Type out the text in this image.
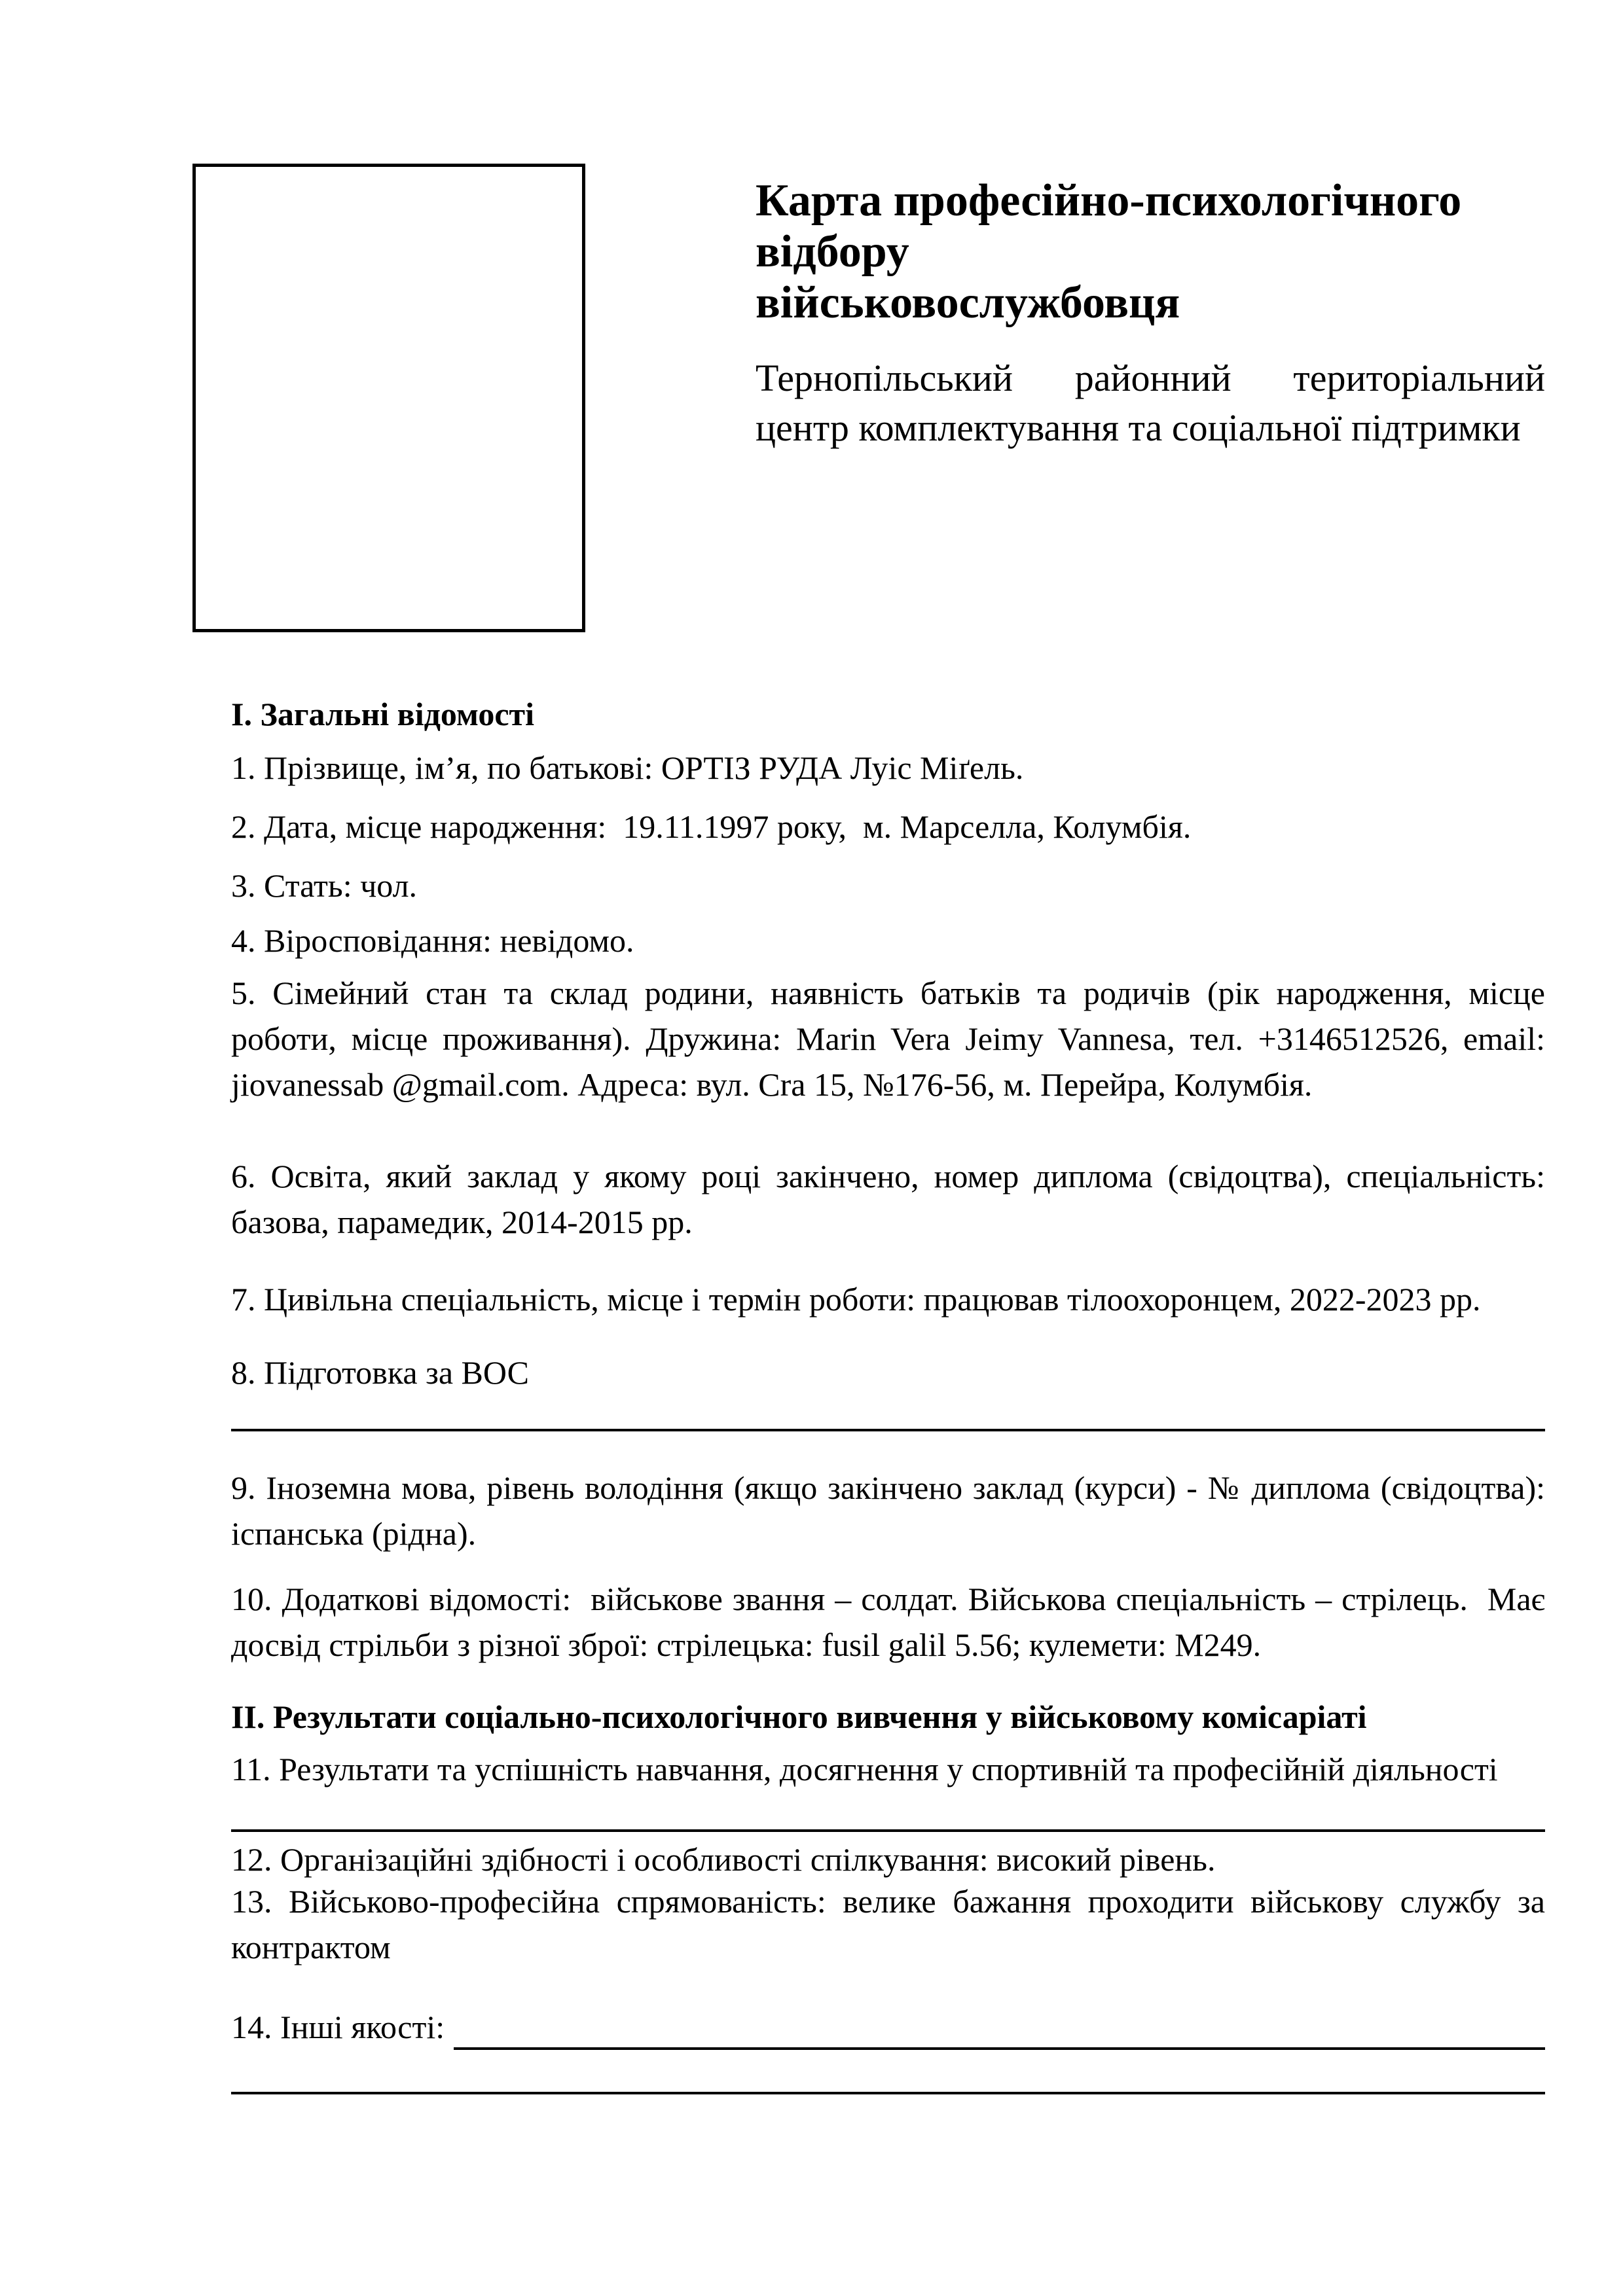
Карта професійно-психологічного відбору
військовослужбовця
Тернопільський районний територіальний
центр комплектування та соціальної підтримки
І. Загальні відомості
1. Прізвище, ім’я, по батькові: ОРТІЗ РУДА Луіс Міґель.
2. Дата, місце народження:  19.11.1997 року,  м. Марселла, Колумбія.
3. Стать: чол.
4. Віросповідання: невідомо.
5. Сімейний стан та склад родини, наявність батьків та родичів (рік народження, місце роботи, місце проживання). Дружина: Marin Vera Jeimy Vannesa, тел. +3146512526, email: jiovanessab @gmail.com. Адреса: вул. Cra 15, №176-56, м. Перейра, Колумбія.
6. Освіта, який заклад у якому році закінчено, номер диплома (свідоцтва), спеціальність: базова, парамедик, 2014-2015 рр.
7. Цивільна спеціальність, місце і термін роботи: працював тілоохоронцем, 2022-2023 рр.
8. Підготовка за ВОС
9. Іноземна мова, рівень володіння (якщо закінчено заклад (курси) - № диплома (свідоцтва): іспанська (рідна).
10. Додаткові відомості:  військове звання – солдат. Військова спеціальність – стрілець.  Має досвід стрільби з різної зброї: стрілецька: fusil galil 5.56; кулемети: M249.
ІІ. Результати соціально-психологічного вивчення у військовому комісаріаті
11. Результати та успішність навчання, досягнення у спортивній та професійній діяльності
12. Організаційні здібності і особливості спілкування: високий рівень.
13. Військово-професійна спрямованість: велике бажання проходити військову службу за контрактом
14. Інші якості:
